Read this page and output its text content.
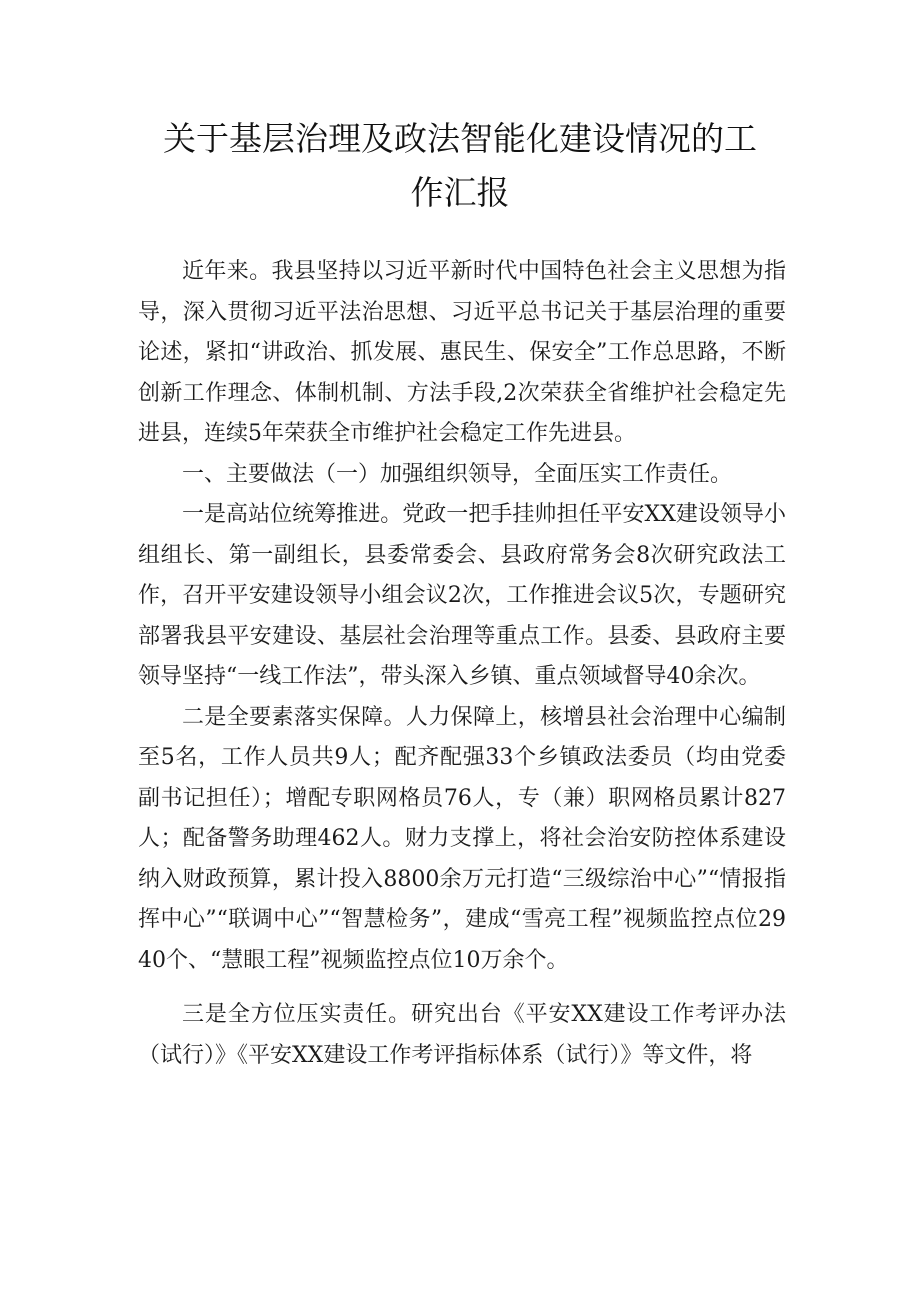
关于基层治理及政法智能化建设情况的工
作汇报

近年来。我县坚持以习近平新时代中国特色社会主义思想为指导，深入贯彻习近平法治思想、习近平总书记关于基层治理的重要论述，紧扣“讲政治、抓发展、惠民生、保安全”工作总思路，不断创新工作理念、体制机制、方法手段,2次荣获全省维护社会稳定先进县，连续5年荣获全市维护社会稳定工作先进县。

一、主要做法（一）加强组织领导，全面压实工作责任。

一是高站位统筹推进。党政一把手挂帅担任平安XX建设领导小组组长、第一副组长，县委常委会、县政府常务会8次研究政法工作，召开平安建设领导小组会议2次，工作推进会议5次，专题研究部署我县平安建设、基层社会治理等重点工作。县委、县政府主要领导坚持“一线工作法”，带头深入乡镇、重点领域督导40余次。

二是全要素落实保障。人力保障上，核增县社会治理中心编制至5名，工作人员共9人；配齐配强33个乡镇政法委员（均由党委副书记担任）；增配专职网格员76人，专（兼）职网格员累计827人；配备警务助理462人。财力支撑上，将社会治安防控体系建设纳入财政预算，累计投入8800余万元打造“三级综治中心”“情报指挥中心”“联调中心”“智慧检务”，建成“雪亮工程”视频监控点位2940个、“慧眼工程”视频监控点位10万余个。

三是全方位压实责任。研究出台《平安XX建设工作考评办法（试行）》《平安XX建设工作考评指标体系（试行）》等文件，将
